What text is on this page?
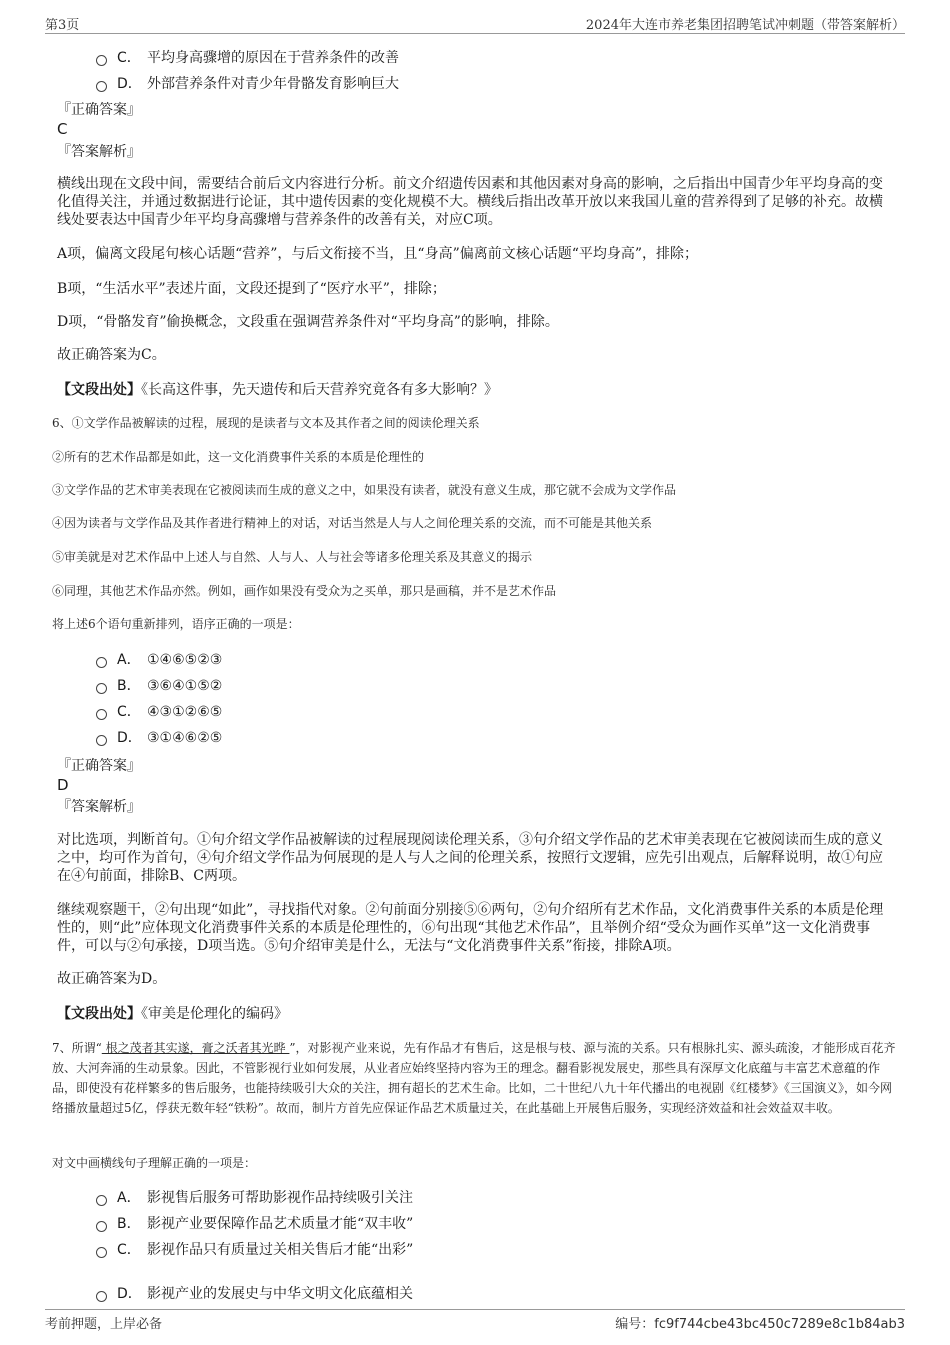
第3页	2024年大连市养老集团招聘笔试冲刺题（带答案解析）
C． 平均身高骤增的原因在于营养条件的改善
D． 外部营养条件对青少年骨骼发育影响巨大
『正确答案』
C
『答案解析』
横线出现在文段中间，需要结合前后文内容进行分析。前文介绍遗传因素和其他因素对身高的影响，之后指出中国青少年平均身高的变化值得关注，并通过数据进行论证，其中遗传因素的变化规模不大。横线后指出改革开放以来我国儿童的营养得到了足够的补充。故横线处要表达中国青少年平均身高骤增与营养条件的改善有关，对应C项。
A项，偏离文段尾句核心话题“营养”，与后文衔接不当，且“身高”偏离前文核心话题“平均身高”，排除；
B项，“生活水平”表述片面，文段还提到了“医疗水平”，排除；
D项，“骨骼发育”偷换概念，文段重在强调营养条件对“平均身高”的影响，排除。
故正确答案为C。
【文段出处】《长高这件事，先天遗传和后天营养究竟各有多大影响？》
6、①文学作品被解读的过程，展现的是读者与文本及其作者之间的阅读伦理关系
②所有的艺术作品都是如此，这一文化消费事件关系的本质是伦理性的
③文学作品的艺术审美表现在它被阅读而生成的意义之中，如果没有读者，就没有意义生成，那它就不会成为文学作品
④因为读者与文学作品及其作者进行精神上的对话，对话当然是人与人之间伦理关系的交流，而不可能是其他关系
⑤审美就是对艺术作品中上述人与自然、人与人、人与社会等诸多伦理关系及其意义的揭示
⑥同理，其他艺术作品亦然。例如，画作如果没有受众为之买单，那只是画稿，并不是艺术作品
将上述6个语句重新排列，语序正确的一项是：
A． ①④⑥⑤②③
B． ③⑥④①⑤②
C． ④③①②⑥⑤
D． ③①④⑥②⑤
『正确答案』
D
『答案解析』
对比选项，判断首句。①句介绍文学作品被解读的过程展现阅读伦理关系，③句介绍文学作品的艺术审美表现在它被阅读而生成的意义之中，均可作为首句，④句介绍文学作品为何展现的是人与人之间的伦理关系，按照行文逻辑，应先引出观点，后解释说明，故①句应在④句前面，排除B、C两项。
继续观察题干，②句出现“如此”，寻找指代对象。②句前面分别接⑤⑥两句，②句介绍所有艺术作品，文化消费事件关系的本质是伦理性的，则“此”应体现文化消费事件关系的本质是伦理性的，⑥句出现“其他艺术作品”，且举例介绍“受众为画作买单”这一文化消费事件，可以与②句承接，D项当选。⑤句介绍审美是什么，无法与“文化消费事件关系”衔接，排除A项。
故正确答案为D。
【文段出处】《审美是伦理化的编码》
7、所谓“ 根之茂者其实遂，膏之沃者其光晔 ”，对影视产业来说，先有作品才有售后，这是根与枝、源与流的关系。只有根脉扎实、源头疏浚，才能形成百花齐放、大河奔涌的生动景象。因此，不管影视行业如何发展，从业者应始终坚持内容为王的理念。翻看影视发展史，那些具有深厚文化底蕴与丰富艺术意蕴的作品，即使没有花样繁多的售后服务，也能持续吸引大众的关注，拥有超长的艺术生命。比如，二十世纪八九十年代播出的电视剧《红楼梦》《三国演义》，如今网络播放量超过5亿，俘获无数年轻“铁粉”。故而，制片方首先应保证作品艺术质量过关，在此基础上开展售后服务，实现经济效益和社会效益双丰收。
对文中画横线句子理解正确的一项是：
A． 影视售后服务可帮助影视作品持续吸引关注
B． 影视产业要保障作品艺术质量才能“双丰收”
C． 影视作品只有质量过关相关售后才能“出彩”
D． 影视产业的发展史与中华文明文化底蕴相关
考前押题，上岸必备	编号：fc9f744cbe43bc450c7289e8c1b84ab3
